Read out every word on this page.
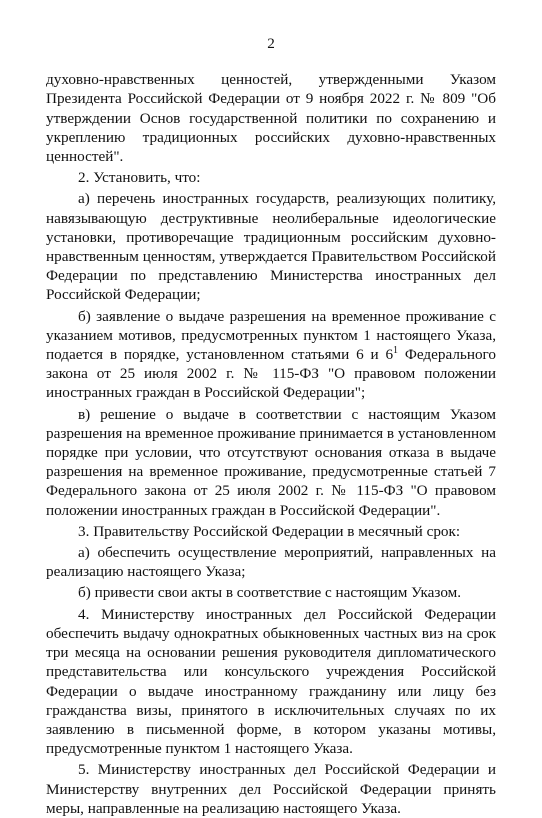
2

духовно-нравственных ценностей, утвержденными Указом Президента Российской Федерации от 9 ноября 2022 г. № 809 "Об утверждении Основ государственной политики по сохранению и укреплению традиционных российских духовно-нравственных ценностей".

2. Установить, что:

а) перечень иностранных государств, реализующих политику, навязывающую деструктивные неолиберальные идеологические установки, противоречащие традиционным российским духовно-нравственным ценностям, утверждается Правительством Российской Федерации по представлению Министерства иностранных дел Российской Федерации;

б) заявление о выдаче разрешения на временное проживание с указанием мотивов, предусмотренных пунктом 1 настоящего Указа, подается в порядке, установленном статьями 6 и $6^1$ Федерального закона от 25 июля 2002 г. № 115-ФЗ "О правовом положении иностранных граждан в Российской Федерации";

в) решение о выдаче в соответствии с настоящим Указом разрешения на временное проживание принимается в установленном порядке при условии, что отсутствуют основания отказа в выдаче разрешения на временное проживание, предусмотренные статьей 7 Федерального закона от 25 июля 2002 г. № 115-ФЗ "О правовом положении иностранных граждан в Российской Федерации".

3. Правительству Российской Федерации в месячный срок:

а) обеспечить осуществление мероприятий, направленных на реализацию настоящего Указа;

б) привести свои акты в соответствие с настоящим Указом.

4. Министерству иностранных дел Российской Федерации обеспечить выдачу однократных обыкновенных частных виз на срок три месяца на основании решения руководителя дипломатического представительства или консульского учреждения Российской Федерации о выдаче иностранному гражданину или лицу без гражданства визы, принятого в исключительных случаях по их заявлению в письменной форме, в котором указаны мотивы, предусмотренные пунктом 1 настоящего Указа.

5. Министерству иностранных дел Российской Федерации и Министерству внутренних дел Российской Федерации принять меры, направленные на реализацию настоящего Указа.
